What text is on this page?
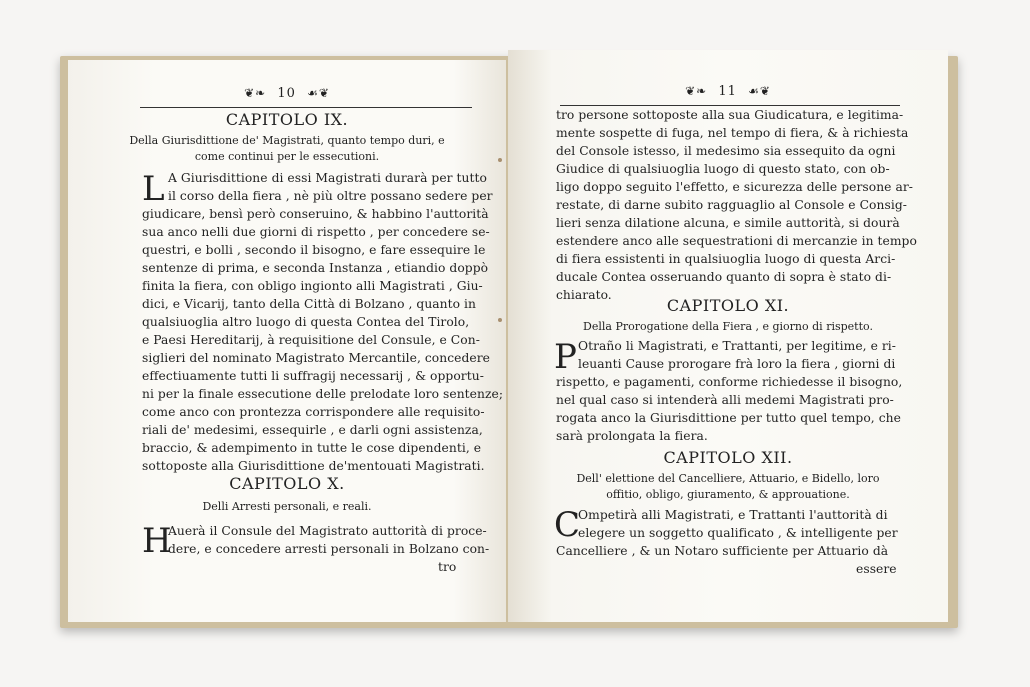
❦❧ 10 ☙❦
CAPITOLO IX.
Della Giurisdittione de' Magistrati, quanto tempo duri, e
come continui per le essecutioni.
L A Giurisdittione di essi Magistrati durarà per tutto
il corso della fiera , nè più oltre possano sedere per
giudicare, bensì però conseruino, & habbino l'auttorità
sua anco nelli due giorni di rispetto , per concedere se-
questri, e bolli , secondo il bisogno, e fare essequire le
sentenze di prima, e seconda Instanza , etiandio doppò
finita la fiera, con obligo ingionto alli Magistrati , Giu-
dici, e Vicarij, tanto della Città di Bolzano , quanto in
qualsiuoglia altro luogo di questa Contea del Tirolo,
e Paesi Hereditarij, à requisitione del Consule, e Con-
siglieri del nominato Magistrato Mercantile, concedere
effectiuamente tutti li suffragij necessarij , & opportu-
ni per la finale essecutione delle prelodate loro sentenze;
come anco con prontezza corrispondere alle requisito-
riali de' medesimi, essequirle , e darli ogni assistenza,
braccio, & adempimento in tutte le cose dipendenti, e
sottoposte alla Giurisdittione de'mentouati Magistrati.
CAPITOLO X.
Delli Arresti personali, e reali.
H
Auerà il Consule del Magistrato auttorità di proce-
dere, e concedere arresti personali in Bolzano con-
tro
❦❧ 11 ☙❦
tro persone sottoposte alla sua Giudicatura, e legitima-
mente sospette di fuga, nel tempo di fiera, & à richiesta
del Console istesso, il medesimo sia essequito da ogni
Giudice di qualsiuoglia luogo di questo stato, con ob-
ligo doppo seguito l'effetto, e sicurezza delle persone ar-
restate, di darne subito ragguaglio al Console e Consig-
lieri senza dilatione alcuna, e simile auttorità, si dourà
estendere anco alle sequestrationi di mercanzie in tempo
di fiera essistenti in qualsiuoglia luogo di questa Arci-
ducale Contea osseruando quanto di sopra è stato di-
chiarato.
CAPITOLO XI.
Della Prorogatione della Fiera , e giorno di rispetto.
P Otraño li Magistrati, e Trattanti, per legitime, e ri-
leuanti Cause prorogare frà loro la fiera , giorni di
rispetto, e pagamenti, conforme richiedesse il bisogno,
nel qual caso si intenderà alli medemi Magistrati pro-
rogata anco la Giurisdittione per tutto quel tempo, che
sarà prolongata la fiera.
CAPITOLO XII.
Dell' elettione del Cancelliere, Attuario, e Bidello, loro
offitio, obligo, giuramento, & approuatione.
C
Ompetirà alli Magistrati, e Trattanti l'auttorità di
elegere un soggetto qualificato , & intelligente per
Cancelliere , & un Notaro sufficiente per Attuario dà
essere
